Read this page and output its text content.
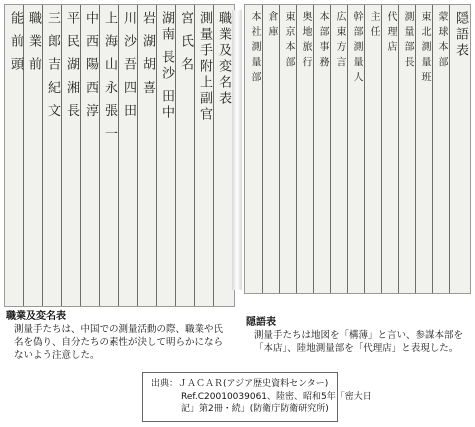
職業及変名表
測量手附上副官
宮 氏 名
湖南 長沙 田中
岩 湖 胡 喜
川 沙 吾 四 田
上 海 山 永 張 一
中 西 陽 西 淳
平 民 湖 湘 長
三 郎 吉 紀 文
職 業 前
能 前 頭	隠語表
蒙 球 本 部
東 北 測 量 班
測 量 部 長
代 理 店
主 任
幹 部 測 量 人
広 東 方 言
本 部 事 務
奥 地 旅 行
東 京 本 部
倉 庫
本 社 測 量 部
職業及変名表
測量手たちは、中国での測量活動の際、職業や氏名を偽り、自分たちの素性が決して明らかにならないよう注意した。
隠語表
測量手たちは地図を「構薄」と言い、参謀本部を「本店」、陸地測量部を「代理店」と表現した。
出典：ＪＡＣＡＲ(アジア歴史資料センター)
Ref.C20010039061、陸密、昭和5年「密大日
記」第2冊・続」(防衛庁防衛研究所)
